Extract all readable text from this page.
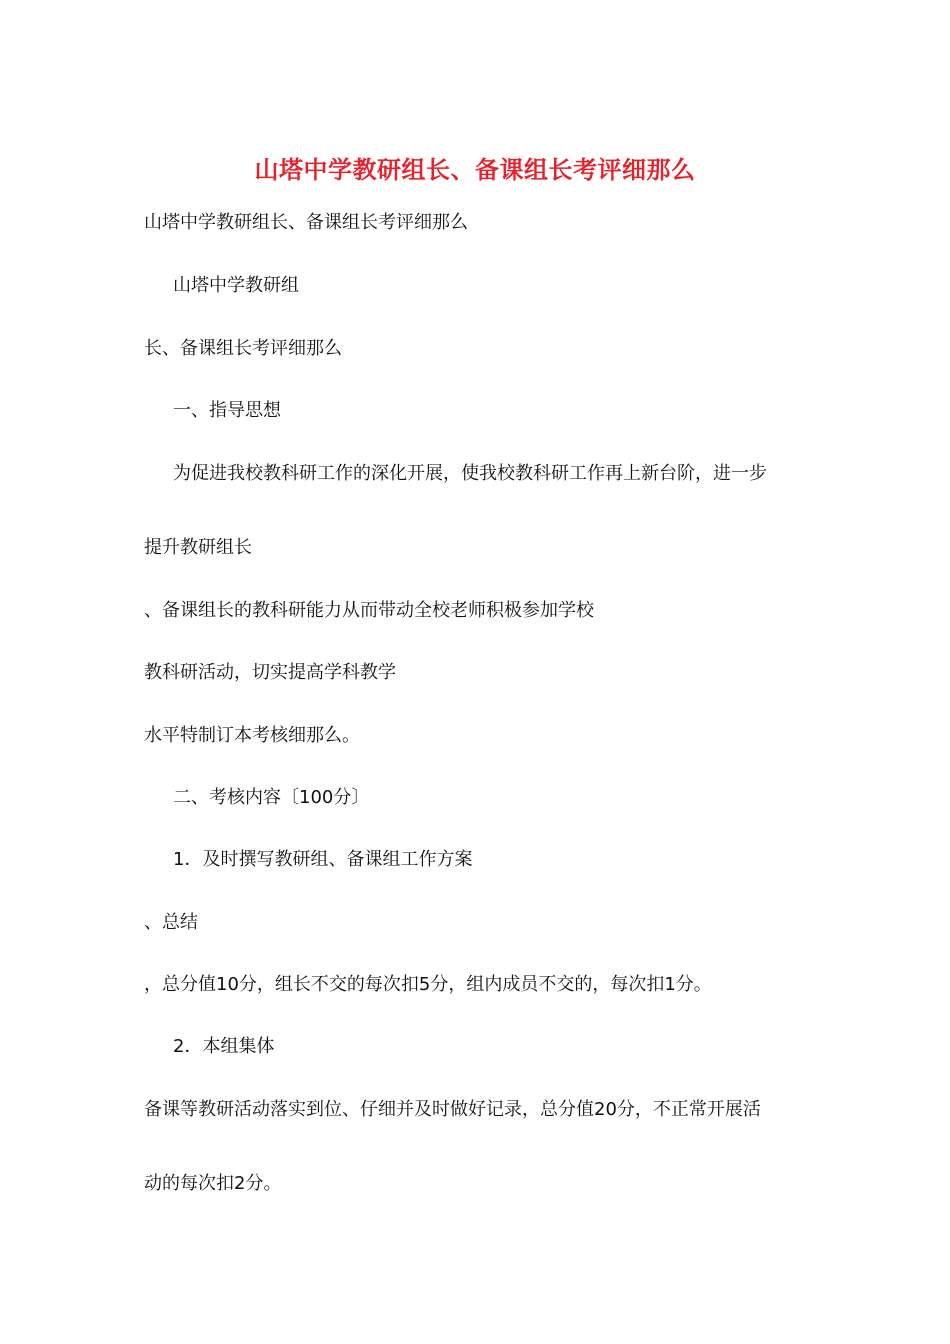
山塔中学教研组长、备课组长考评细那么
山塔中学教研组长、备课组长考评细那么
山塔中学教研组
长、备课组长考评细那么
一、指导思想
为促进我校教科研工作的深化开展，使我校教科研工作再上新台阶，进一步
提升教研组长
、备课组长的教科研能力从而带动全校老师积极参加学校
教科研活动，切实提高学科教学
水平特制订本考核细那么。
二、考核内容〔100分〕
1．及时撰写教研组、备课组工作方案
、总结
，总分值10分，组长不交的每次扣5分，组内成员不交的，每次扣1分。
2．本组集体
备课等教研活动落实到位、仔细并及时做好记录，总分值20分，不正常开展活
动的每次扣2分。
